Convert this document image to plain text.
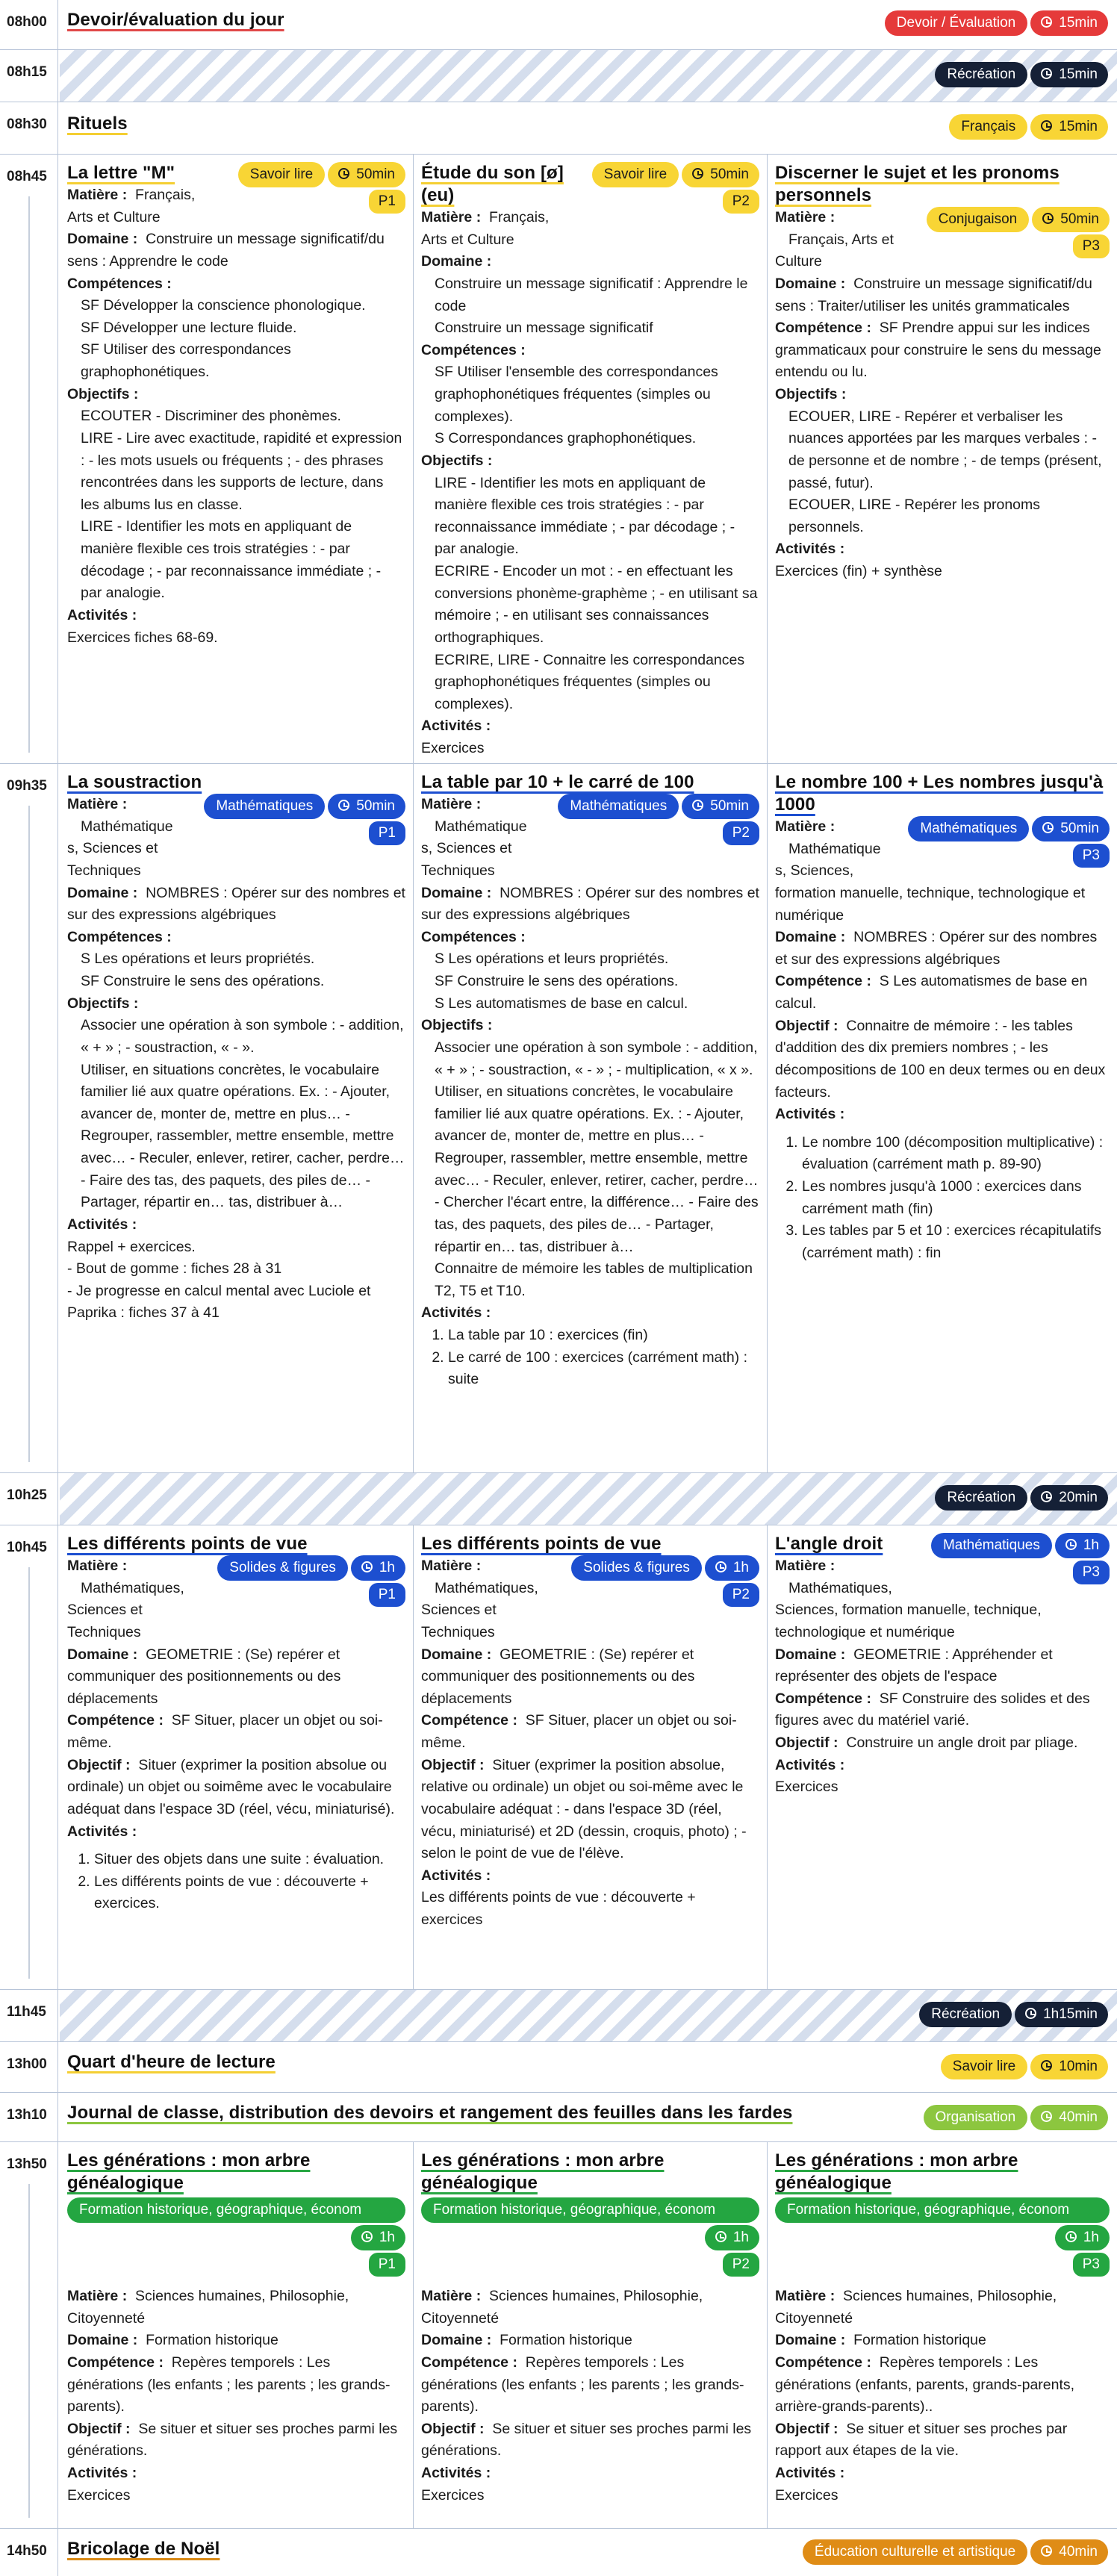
08h00	Devoir/évaluation du jour	Devoir / Évaluation	15min
08h15	Récréation	15min
08h30	Rituels	Français	15min
08h45	Savoir lire	50min
P1
La lettre "M"
Matière : Français,
Arts et Culture
Domaine : Construire un message significatif/du sens : Apprendre le code
Compétences :
SF Développer la conscience phonologique.
SF Développer une lecture fluide.
SF Utiliser des correspondances graphophonétiques.
Objectifs :
ECOUTER - Discriminer des phonèmes.
LIRE - Lire avec exactitude, rapidité et expression : - les mots usuels ou fréquents ; - des phrases rencontrées dans les supports de lecture, dans les albums lus en classe.
LIRE - Identifier les mots en appliquant de manière flexible ces trois stratégies : - par décodage ; - par reconnaissance immédiate ; - par analogie.
Activités :
Exercices fiches 68-69.
Savoir lire	50min
P2
Étude du son [ø] (eu)
Matière : Français,
Arts et Culture
Domaine :
Construire un message significatif : Apprendre le code
Construire un message significatif
Compétences :
SF Utiliser l'ensemble des correspondances graphophonétiques fréquentes (simples ou complexes).
S Correspondances graphophonétiques.
Objectifs :
LIRE - Identifier les mots en appliquant de manière flexible ces trois stratégies : - par reconnaissance immédiate ; - par décodage ; - par analogie.
ECRIRE - Encoder un mot : - en effectuant les conversions phonème-graphème ; - en utilisant sa mémoire ; - en utilisant ses connaissances orthographiques.
ECRIRE, LIRE - Connaitre les correspondances graphophonétiques fréquentes (simples ou complexes).
Activités :
Exercices
Discerner le sujet et les pronoms personnels
Conjugaison	50min
P3
Matière :
Français, Arts et
Culture
Domaine : Construire un message significatif/du sens : Traiter/utiliser les unités grammaticales
Compétence : SF Prendre appui sur les indices grammaticaux pour construire le sens du message entendu ou lu.
Objectifs :
ECOUER, LIRE - Repérer et verbaliser les nuances apportées par les marques verbales : - de personne et de nombre ; - de temps (présent, passé, futur).
ECOUER, LIRE - Repérer les pronoms personnels.
Activités :
Exercices (fin) + synthèse
09h35	La soustraction
Mathématiques	50min
P1
Matière :
Mathématique
s, Sciences et Techniques
Domaine : NOMBRES : Opérer sur des nombres et sur des expressions algébriques
Compétences :
S Les opérations et leurs propriétés.
SF Construire le sens des opérations.
Objectifs :
Associer une opération à son symbole : - addition, « + » ; - soustraction, « - ».
Utiliser, en situations concrètes, le vocabulaire familier lié aux quatre opérations. Ex. : - Ajouter, avancer de, monter de, mettre en plus… - Regrouper, rassembler, mettre ensemble, mettre avec… - Reculer, enlever, retirer, cacher, perdre… - Faire des tas, des paquets, des piles de… - Partager, répartir en… tas, distribuer à…
Activités :
Rappel + exercices.
- Bout de gomme : fiches 28 à 31
- Je progresse en calcul mental avec Luciole et Paprika : fiches 37 à 41
La table par 10 + le carré de 100
Mathématiques	50min
P2
Matière :
Mathématique
s, Sciences et Techniques
Domaine : NOMBRES : Opérer sur des nombres et sur des expressions algébriques
Compétences :
S Les opérations et leurs propriétés.
SF Construire le sens des opérations.
S Les automatismes de base en calcul.
Objectifs :
Associer une opération à son symbole : - addition, « + » ; - soustraction, « - » ; - multiplication, « x ».
Utiliser, en situations concrètes, le vocabulaire familier lié aux quatre opérations. Ex. : - Ajouter, avancer de, monter de, mettre en plus… - Regrouper, rassembler, mettre ensemble, mettre avec… - Reculer, enlever, retirer, cacher, perdre… - Chercher l'écart entre, la différence… - Faire des tas, des paquets, des piles de… - Partager, répartir en… tas, distribuer à…
Connaitre de mémoire les tables de multiplication T2, T5 et T10.
Activités :
1. La table par 10 : exercices (fin)
2. Le carré de 100 : exercices (carrément math) : suite
Le nombre 100 + Les nombres jusqu'à 1000
Mathématiques	50min
P3
Matière :
Mathématique
s, Sciences,
formation manuelle, technique, technologique et numérique
Domaine : NOMBRES : Opérer sur des nombres et sur des expressions algébriques
Compétence : S Les automatismes de base en calcul.
Objectif : Connaitre de mémoire : - les tables d'addition des dix premiers nombres ; - les décompositions de 100 en deux termes ou en deux facteurs.
Activités :
1. Le nombre 100 (décomposition multiplicative) : évaluation (carrément math p. 89-90)
2. Les nombres jusqu'à 1000 : exercices dans carrément math (fin)
3. Les tables par 5 et 10 : exercices récapitulatifs (carrément math) : fin
10h25	Récréation	20min
10h45	Les différents points de vue
Solides & figures	1h
P1
Matière :
Mathématiques,
Sciences et Techniques
Domaine : GEOMETRIE : (Se) repérer et communiquer des positionnements ou des déplacements
Compétence : SF Situer, placer un objet ou soi-même.
Objectif : Situer (exprimer la position absolue ou ordinale) un objet ou soimême avec le vocabulaire adéquat dans l'espace 3D (réel, vécu, miniaturisé).
Activités :
1. Situer des objets dans une suite : évaluation.
2. Les différents points de vue : découverte + exercices.
Les différents points de vue
Solides & figures	1h
P2
Matière :
Mathématiques,
Sciences et Techniques
Domaine : GEOMETRIE : (Se) repérer et communiquer des positionnements ou des déplacements
Compétence : SF Situer, placer un objet ou soi-même.
Objectif : Situer (exprimer la position absolue, relative ou ordinale) un objet ou soi-même avec le vocabulaire adéquat : - dans l'espace 3D (réel, vécu, miniaturisé) et 2D (dessin, croquis, photo) ; - selon le point de vue de l'élève.
Activités :
Les différents points de vue : découverte + exercices
Mathématiques	1h
P3
L'angle droit
Matière :
Mathématiques,
Sciences, formation manuelle, technique, technologique et numérique
Domaine : GEOMETRIE : Appréhender et représenter des objets de l'espace
Compétence : SF Construire des solides et des figures avec du matériel varié.
Objectif : Construire un angle droit par pliage.
Activités :
Exercices
11h45	Récréation	1h15min
13h00	Quart d'heure de lecture	Savoir lire	10min
13h10	Journal de classe, distribution des devoirs et rangement des feuilles dans les fardes	Organisation	40min
13h50	Les générations : mon arbre généalogique
Formation historique, géographique, économ
1h
P1
Matière : Sciences humaines, Philosophie, Citoyenneté
Domaine : Formation historique
Compétence : Repères temporels : Les générations (les enfants ; les parents ; les grands-parents).
Objectif : Se situer et situer ses proches parmi les générations.
Activités :
Exercices
Les générations : mon arbre généalogique
Formation historique, géographique, économ
1h
P2
Matière : Sciences humaines, Philosophie, Citoyenneté
Domaine : Formation historique
Compétence : Repères temporels : Les générations (les enfants ; les parents ; les grands-parents).
Objectif : Se situer et situer ses proches parmi les générations.
Activités :
Exercices
Les générations : mon arbre généalogique
Formation historique, géographique, économ
1h
P3
Matière : Sciences humaines, Philosophie, Citoyenneté
Domaine : Formation historique
Compétence : Repères temporels : Les générations (enfants, parents, grands-parents, arrière-grands-parents)..
Objectif : Se situer et situer ses proches par rapport aux étapes de la vie.
Activités :
Exercices
14h50	Bricolage de Noël	Éducation culturelle et artistique	40min
